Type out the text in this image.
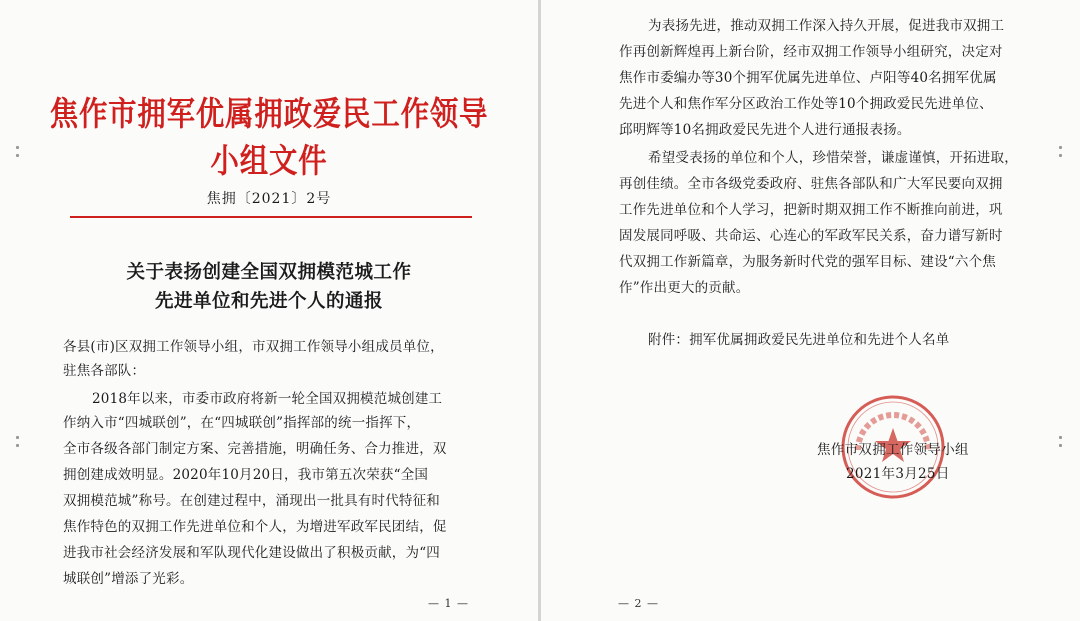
焦作市拥军优属拥政爱民工作领导小组文件
焦拥〔2021〕2号
关于表扬创建全国双拥模范城工作
先进单位和先进个人的通报
各县(市)区双拥工作领导小组，市双拥工作领导小组成员单位，
驻焦各部队：
2018年以来，市委市政府将新一轮全国双拥模范城创建工
作纳入市“四城联创”，在“四城联创”指挥部的统一指挥下，
全市各级各部门制定方案、完善措施，明确任务、合力推进，双
拥创建成效明显。2020年10月20日，我市第五次荣获“全国
双拥模范城”称号。在创建过程中，涌现出一批具有时代特征和
焦作特色的双拥工作先进单位和个人，为增进军政军民团结，促
进我市社会经济发展和军队现代化建设做出了积极贡献，为“四
城联创”增添了光彩。
— 1 —
为表扬先进，推动双拥工作深入持久开展，促进我市双拥工
作再创新辉煌再上新台阶，经市双拥工作领导小组研究，决定对
焦作市委编办等30个拥军优属先进单位、卢阳等40名拥军优属
先进个人和焦作军分区政治工作处等10个拥政爱民先进单位、
邱明辉等10名拥政爱民先进个人进行通报表扬。
希望受表扬的单位和个人，珍惜荣誉，谦虚谨慎，开拓进取，
再创佳绩。全市各级党委政府、驻焦各部队和广大军民要向双拥
工作先进单位和个人学习，把新时期双拥工作不断推向前进，巩
固发展同呼吸、共命运、心连心的军政军民关系，奋力谱写新时
代双拥工作新篇章，为服务新时代党的强军目标、建设“六个焦
作”作出更大的贡献。
附件：拥军优属拥政爱民先进单位和先进个人名单
焦作市双拥工作领导小组
2021年3月25日
— 2 —
